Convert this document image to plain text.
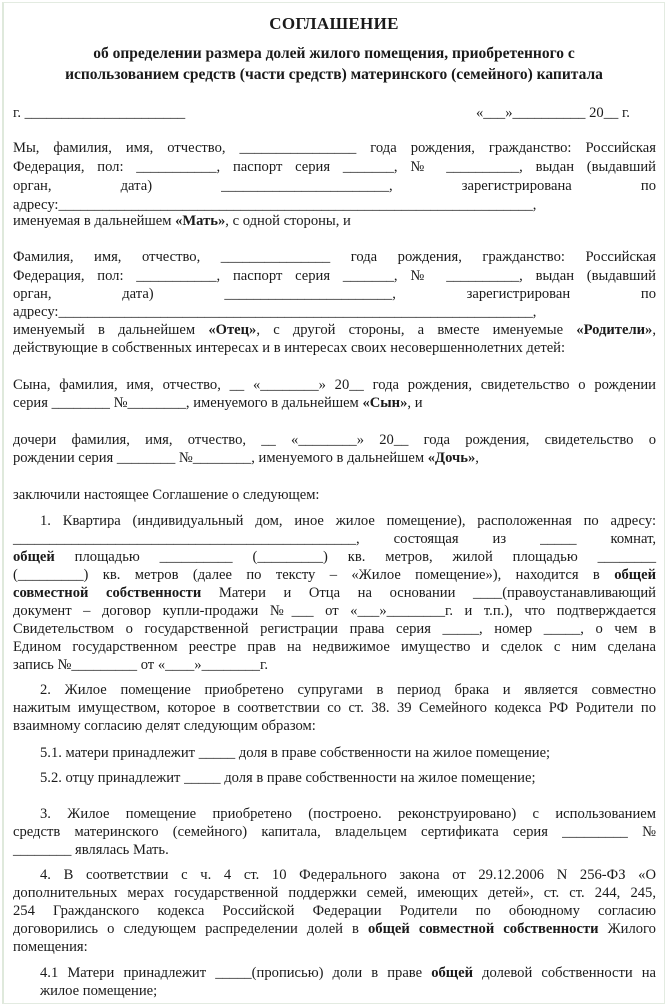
СОГЛАШЕНИЕ
об определении размера долей жилого помещения, приобретенного с
использованием средств (части средств) материнского (семейного) капитала
г. ______________________	«___»__________ 20__ г.
Мы, фамилия, имя, отчество, ________________ года рождения, гражданство: Российская
Федерация, пол: ___________, паспорт серия _______, № __________, выдан (выдавший
орган, дата) _______________________, зарегистрирована по
адресу:_________________________________________________________________,
именуемая в дальнейшем «Мать», с одной стороны, и
Фамилия, имя, отчество, _______________ года рождения, гражданство: Российская
Федерация, пол: ___________, паспорт серия _______, № __________, выдан (выдавший
орган, дата) _______________________, зарегистрирован по
адресу:_________________________________________________________________,
именуемый в дальнейшем «Отец», с другой стороны, а вместе именуемые «Родители»,
действующие в собственных интересах и в интересах своих несовершеннолетних детей:
Сына, фамилия, имя, отчество, __ «________» 20__ года рождения, свидетельство о рождении
серия ________ №________, именуемого в дальнейшем «Сын», и
дочери фамилия, имя, отчество, __ «________» 20__ года рождения, свидетельство о
рождении серия ________ №________, именуемого в дальнейшем «Дочь»,
заключили настоящее Соглашение о следующем:
1. Квартира (индивидуальный дом, иное жилое помещение), расположенная по адресу:
_______________________________________________, состоящая из _____ комнат,
общей площадью __________ (_________) кв. метров, жилой площадью ________
(_________) кв. метров (далее по тексту – «Жилое помещение»), находится в общей
совместной собственности Матери и Отца на основании ____(правоустанавливающий
документ – договор купли-продажи №___ от «___»________г. и т.п.), что подтверждается
Свидетельством о государственной регистрации права серия _____, номер _____, о чем в
Едином государственном реестре прав на недвижимое имущество и сделок с ним сделана
запись №_________ от «____»________г.
2. Жилое помещение приобретено супругами в период брака и является совместно
нажитым имуществом, которое в соответствии со ст. 38. 39 Семейного кодекса РФ Родители по
взаимному согласию делят следующим образом:
5.1. матери принадлежит _____ доля в праве собственности на жилое помещение;
5.2. отцу принадлежит _____ доля в праве собственности на жилое помещение;
3. Жилое помещение приобретено (построено. реконструировано) с использованием
средств материнского (семейного) капитала, владельцем сертификата серия _________ №
________ являлась Мать.
4. В соответствии с ч. 4 ст. 10 Федерального закона от 29.12.2006 N 256-ФЗ «О
дополнительных мерах государственной поддержки семей, имеющих детей», ст. ст. 244, 245,
254 Гражданского кодекса Российской Федерации Родители по обоюдному согласию
договорились о следующем распределении долей в общей совместной собственности Жилого
помещения:
4.1 Матери принадлежит _____(прописью) доли в праве общей долевой собственности на
жилое помещение;
